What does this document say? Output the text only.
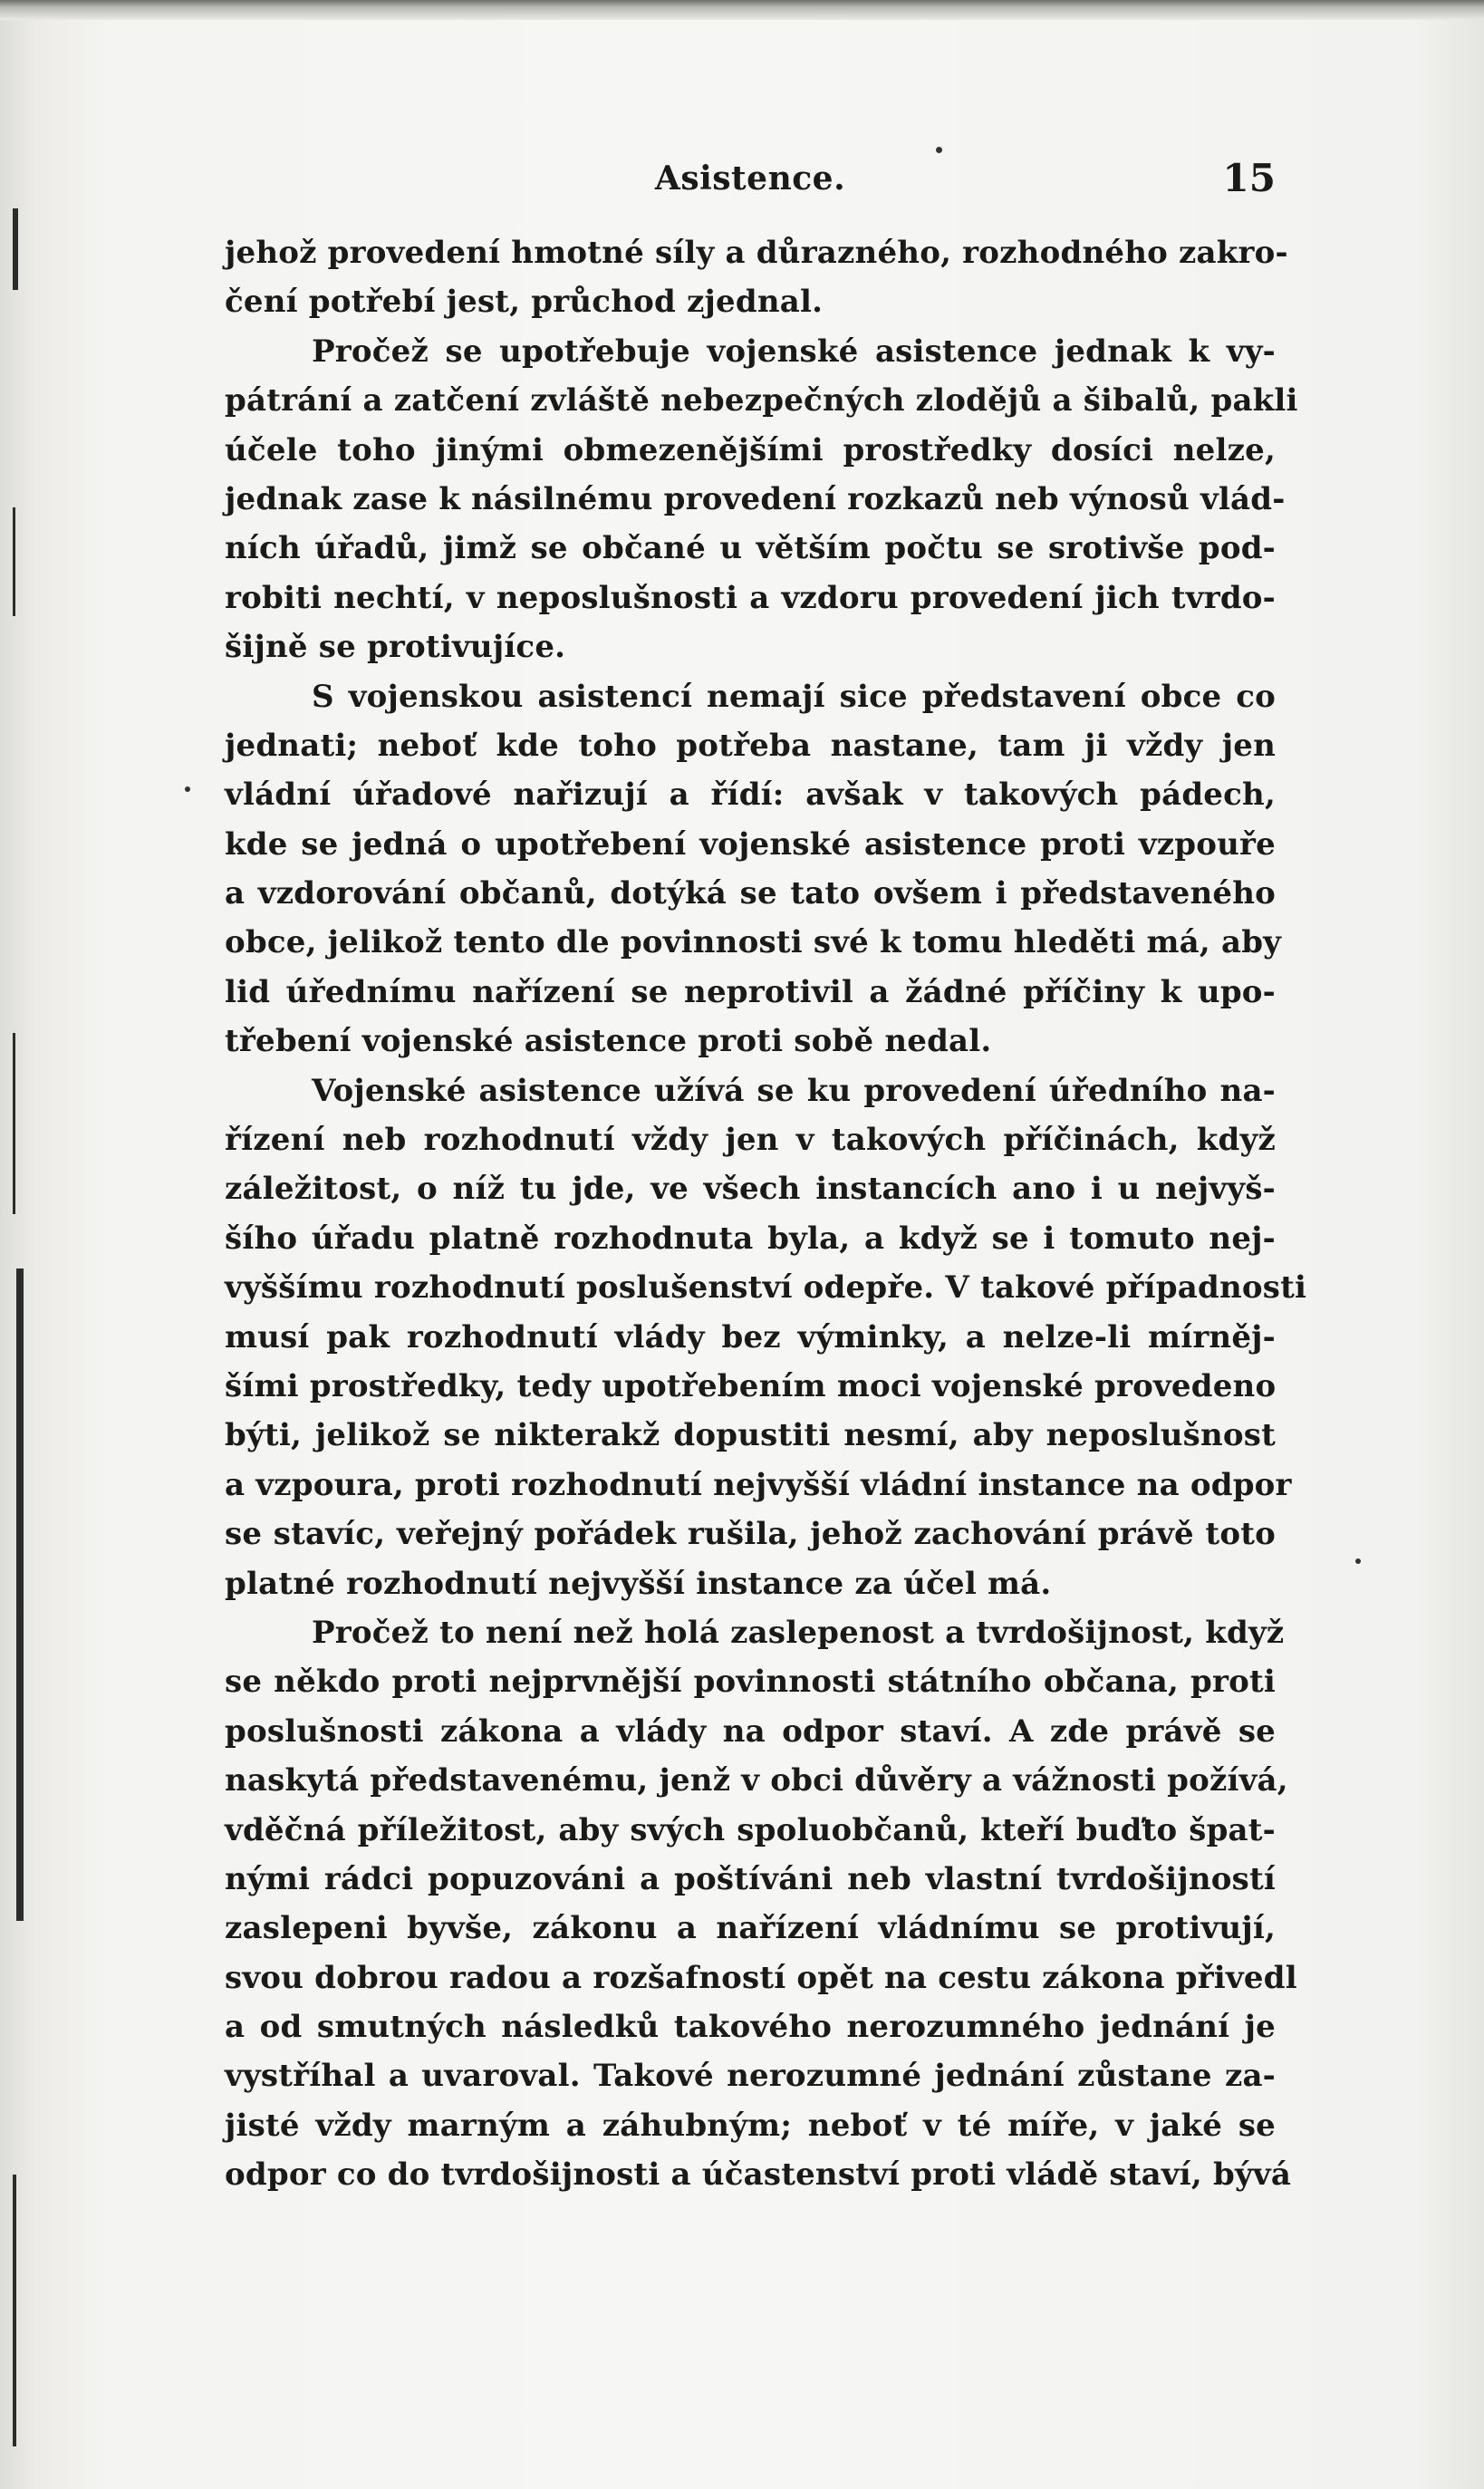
Asistence.	15
jehož provedení hmotné síly a důrazného, rozhodného zakro-
čení potřebí jest, průchod zjednal.
Pročež se upotřebuje vojenské asistence jednak k vy-
pátrání a zatčení zvláště nebezpečných zlodějů a šibalů, pakli
účele toho jinými obmezenějšími prostředky dosíci nelze,
jednak zase k násilnému provedení rozkazů neb výnosů vlád-
ních úřadů, jimž se občané u větším počtu se srotivše pod-
robiti nechtí, v neposlušnosti a vzdoru provedení jich tvrdo-
šijně se protivujíce.
S vojenskou asistencí nemají sice představení obce co
jednati; neboť kde toho potřeba nastane, tam ji vždy jen
vládní úřadové nařizují a řídí: avšak v takových pádech,
kde se jedná o upotřebení vojenské asistence proti vzpouře
a vzdorování občanů, dotýká se tato ovšem i představeného
obce, jelikož tento dle povinnosti své k tomu hleděti má, aby
lid úřednímu nařízení se neprotivil a žádné příčiny k upo-
třebení vojenské asistence proti sobě nedal.
Vojenské asistence užívá se ku provedení úředního na-
řízení neb rozhodnutí vždy jen v takových příčinách, když
záležitost, o níž tu jde, ve všech instancích ano i u nejvyš-
šího úřadu platně rozhodnuta byla, a když se i tomuto nej-
vyššímu rozhodnutí poslušenství odepře. V takové případnosti
musí pak rozhodnutí vlády bez výminky, a nelze-li mírněj-
šími prostředky, tedy upotřebením moci vojenské provedeno
býti, jelikož se nikterakž dopustiti nesmí, aby neposlušnost
a vzpoura, proti rozhodnutí nejvyšší vládní instance na odpor
se stavíc, veřejný pořádek rušila, jehož zachování právě toto
platné rozhodnutí nejvyšší instance za účel má.
Pročež to není než holá zaslepenost a tvrdošijnost, když
se někdo proti nejprvnější povinnosti státního občana, proti
poslušnosti zákona a vlády na odpor staví. A zde právě se
naskytá představenému, jenž v obci důvěry a vážnosti požívá,
vděčná příležitost, aby svých spoluobčanů, kteří buďto špat-
nými rádci popuzováni a poštíváni neb vlastní tvrdošijností
zaslepeni byvše, zákonu a nařízení vládnímu se protivují,
svou dobrou radou a rozšafností opět na cestu zákona přivedl
a od smutných následků takového nerozumného jednání je
vystříhal a uvaroval. Takové nerozumné jednání zůstane za-
jisté vždy marným a záhubným; neboť v té míře, v jaké se
odpor co do tvrdošijnosti a účastenství proti vládě staví, bývá
